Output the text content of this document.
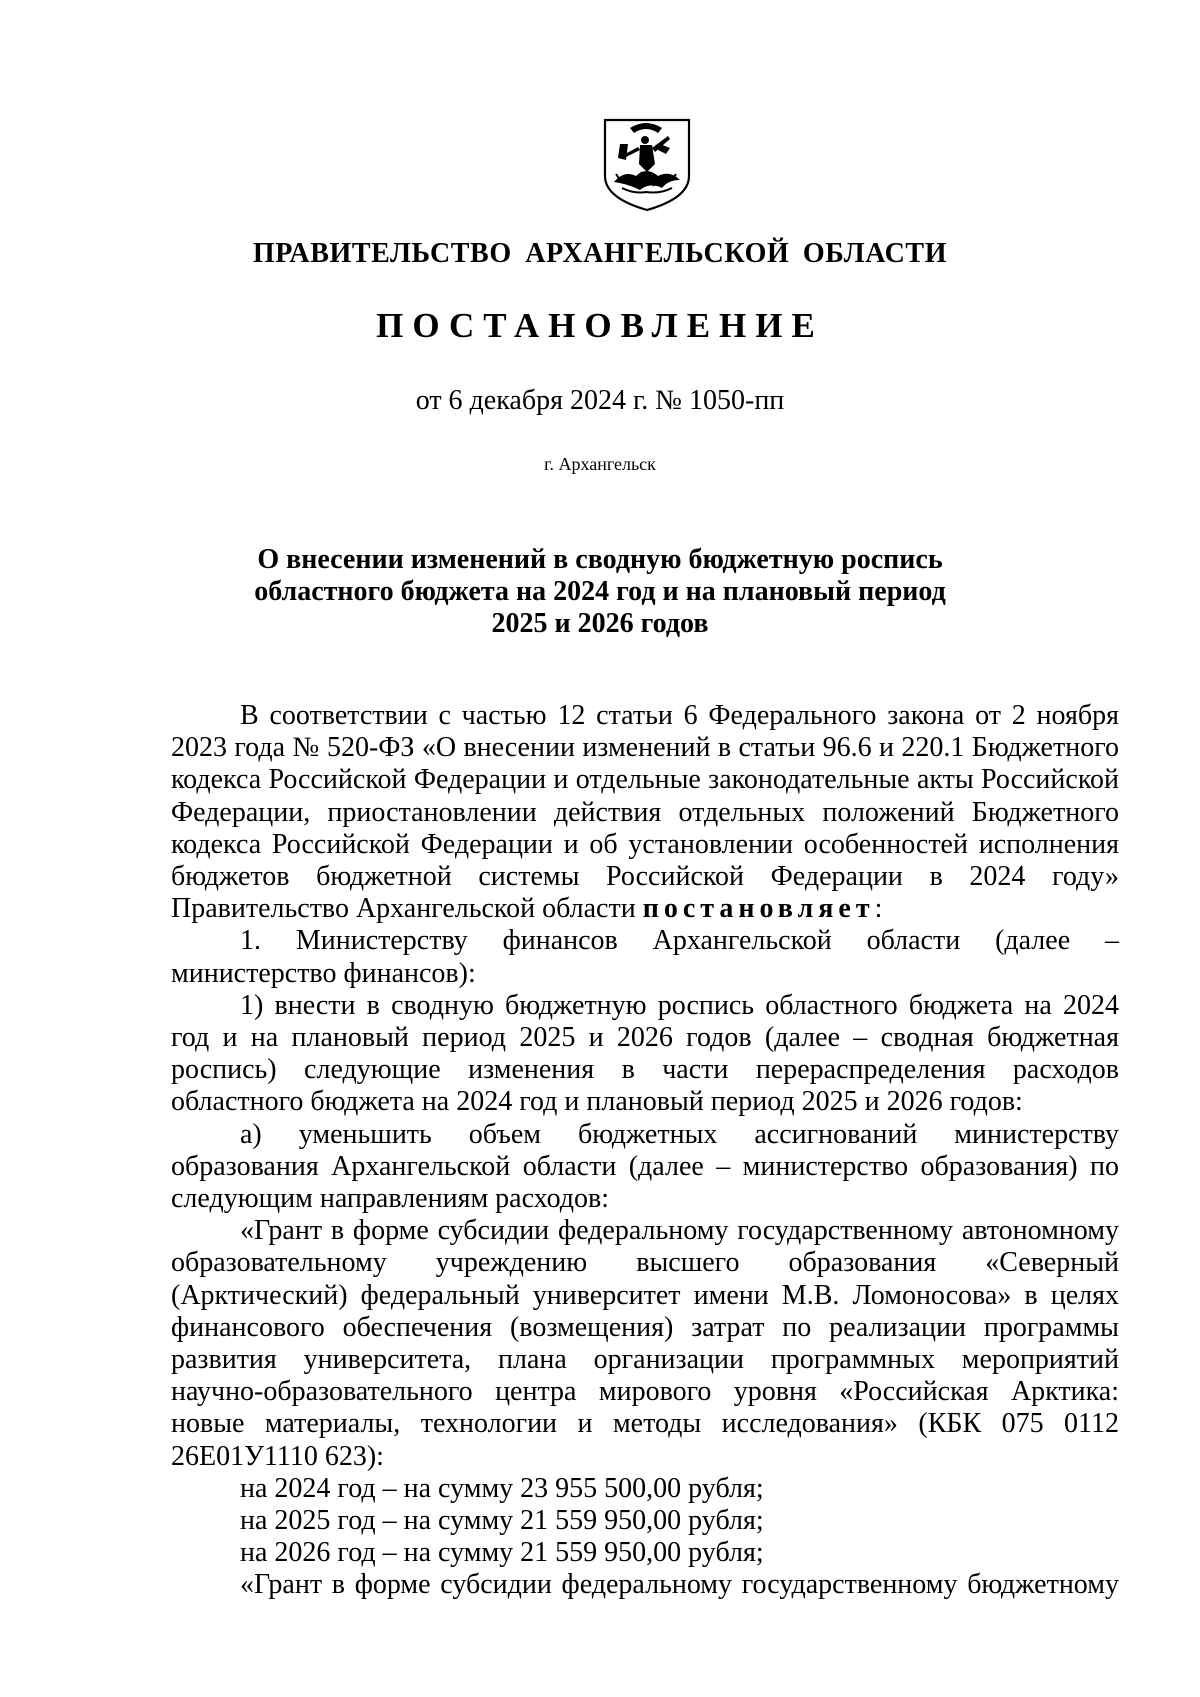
ПРАВИТЕЛЬСТВО АРХАНГЕЛЬСКОЙ ОБЛАСТИ
ПОСТАНОВЛЕНИЕ
от 6 декабря 2024 г. № 1050-пп
г. Архангельск
О внесении изменений в сводную бюджетную роспись
областного бюджета на 2024 год и на плановый период
2025 и 2026 годов

В соответствии с частью 12 статьи 6 Федерального закона от 2 ноября 2023 года № 520-ФЗ «О внесении изменений в статьи 96.6 и 220.1 Бюджетного кодекса Российской Федерации и отдельные законодательные акты Российской Федерации, приостановлении действия отдельных положений Бюджетного кодекса Российской Федерации и об установлении особенностей исполнения бюджетов бюджетной системы Российской Федерации в 2024 году» Правительство Архангельской области постановляет:

1. Министерству финансов Архангельской области (далее – министерство финансов):

1) внести в сводную бюджетную роспись областного бюджета на 2024 год и на плановый период 2025 и 2026 годов (далее – сводная бюджетная роспись) следующие изменения в части перераспределения расходов областного бюджета на 2024 год и плановый период 2025 и 2026 годов:

а) уменьшить объем бюджетных ассигнований министерству образования Архангельской области (далее – министерство образования) по следующим направлениям расходов:

«Грант в форме субсидии федеральному государственному автономному образовательному учреждению высшего образования «Северный (Арктический) федеральный университет имени М.В. Ломоносова» в целях финансового обеспечения (возмещения) затрат по реализации программы развития университета, плана организации программных мероприятий научно-образовательного центра мирового уровня «Российская Арктика: новые материалы, технологии и методы исследования» (КБК 075 0112 26Е01У1110 623):

на 2024 год – на сумму 23 955 500,00 рубля;

на 2025 год – на сумму 21 559 950,00 рубля;

на 2026 год – на сумму 21 559 950,00 рубля;

«Грант в форме субсидии федеральному государственному бюджетному
